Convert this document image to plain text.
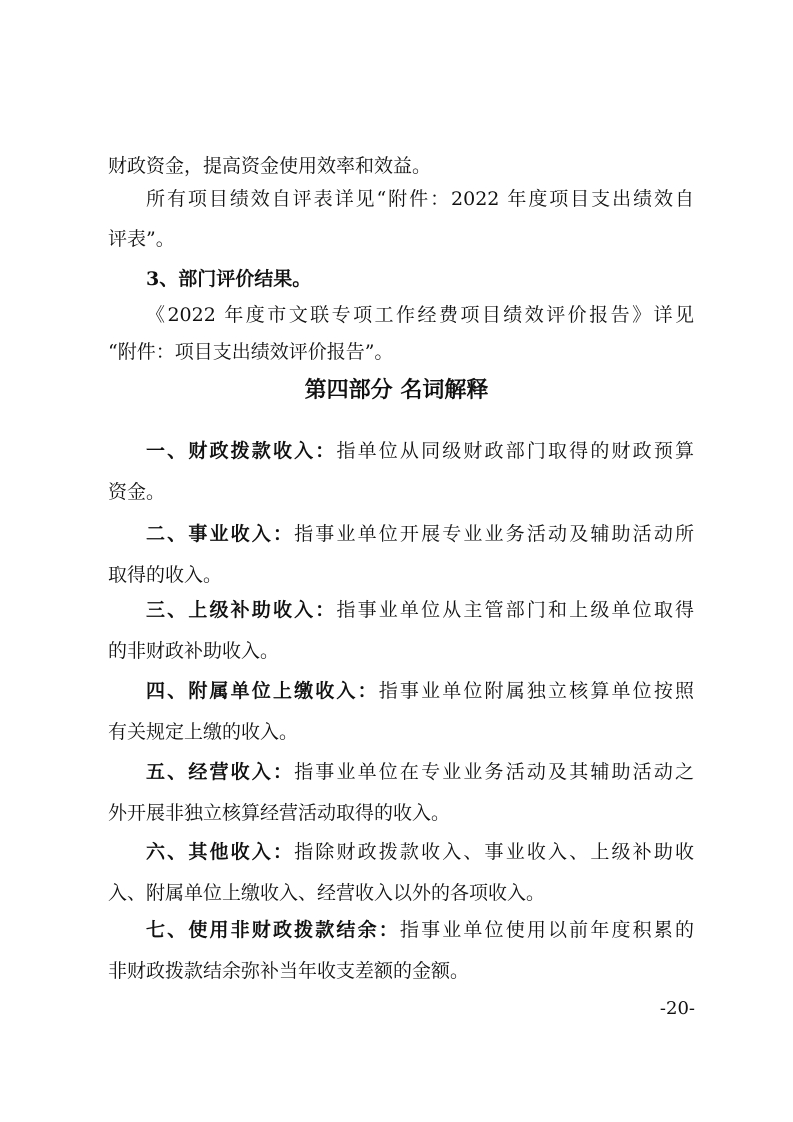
财政资金，提高资金使用效率和效益。
所有项目绩效自评表详见“附件：2022 年度项目支出绩效自
评表”。
3、部门评价结果。
《2022 年度市文联专项工作经费项目绩效评价报告》详见
“附件：项目支出绩效评价报告”。
第四部分 名词解释
一、财政拨款收入：指单位从同级财政部门取得的财政预算
资金。
二、事业收入：指事业单位开展专业业务活动及辅助活动所
取得的收入。
三、上级补助收入：指事业单位从主管部门和上级单位取得
的非财政补助收入。
四、附属单位上缴收入：指事业单位附属独立核算单位按照
有关规定上缴的收入。
五、经营收入：指事业单位在专业业务活动及其辅助活动之
外开展非独立核算经营活动取得的收入。
六、其他收入：指除财政拨款收入、事业收入、上级补助收
入、附属单位上缴收入、经营收入以外的各项收入。
七、使用非财政拨款结余：指事业单位使用以前年度积累的
非财政拨款结余弥补当年收支差额的金额。
-20-
